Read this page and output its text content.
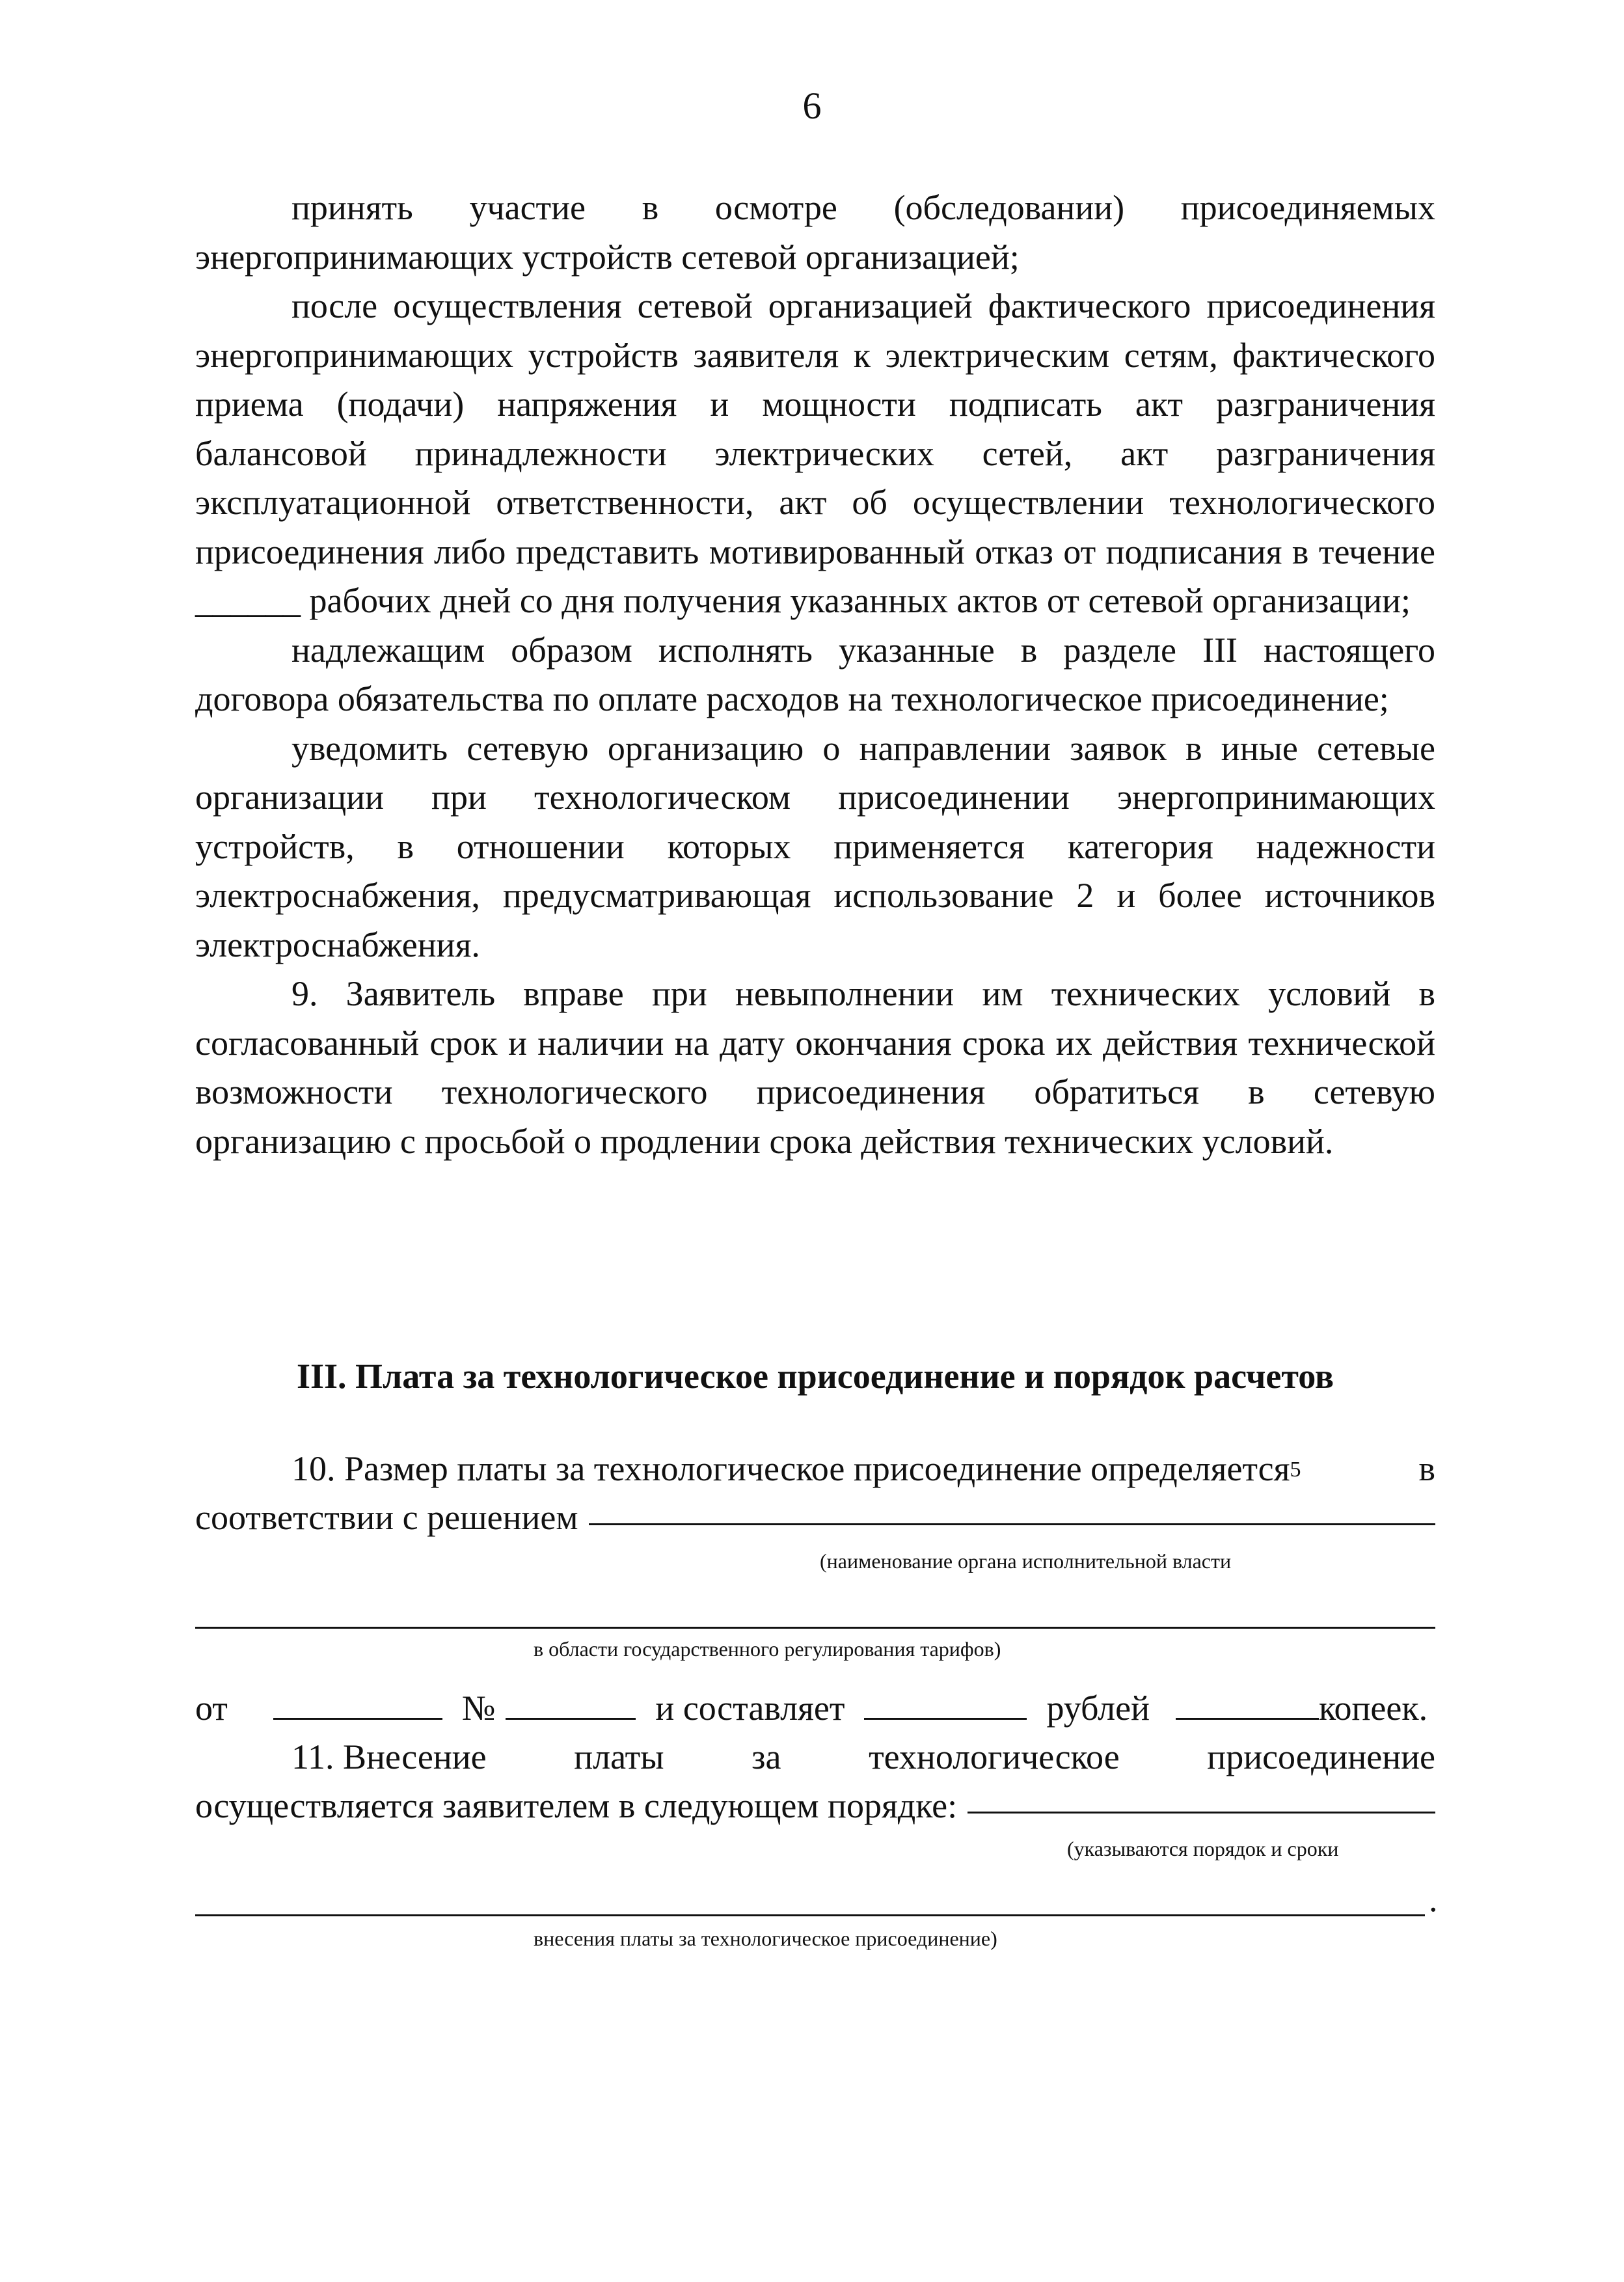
6

принять участие в осмотре (обследовании) присоединяемых энергопринимающих устройств сетевой организацией;

после осуществления сетевой организацией фактического присоединения энергопринимающих устройств заявителя к электрическим сетям, фактического приема (подачи) напряжения и мощности подписать акт разграничения балансовой принадлежности электрических сетей, акт разграничения эксплуатационной ответственности, акт об осуществлении технологического присоединения либо представить мотивированный отказ от подписания в течение ______ рабочих дней со дня получения указанных актов от сетевой организации;

надлежащим образом исполнять указанные в разделе III настоящего договора обязательства по оплате расходов на технологическое присоединение;

уведомить сетевую организацию о направлении заявок в иные сетевые организации при технологическом присоединении энергопринимающих устройств, в отношении которых применяется категория надежности электроснабжения, предусматривающая использование 2 и более источников электроснабжения.

9. Заявитель вправе при невыполнении им технических условий в согласованный срок и наличии на дату окончания срока их действия технической возможности технологического присоединения обратиться в сетевую организацию с просьбой о продлении срока действия технических условий.

III. Плата за технологическое присоединение и порядок расчетов
10. Размер платы за технологическое присоединение определяется$^5$	в
соответствии с решением
(наименование органа исполнительной власти
в области государственного регулирования тарифов)
от	№	и составляет	рублей	копеек.
11. Внесение платы за технологическое присоединение
осуществляется заявителем в следующем порядке:
(указываются порядок и сроки
.
внесения платы за технологическое присоединение)
